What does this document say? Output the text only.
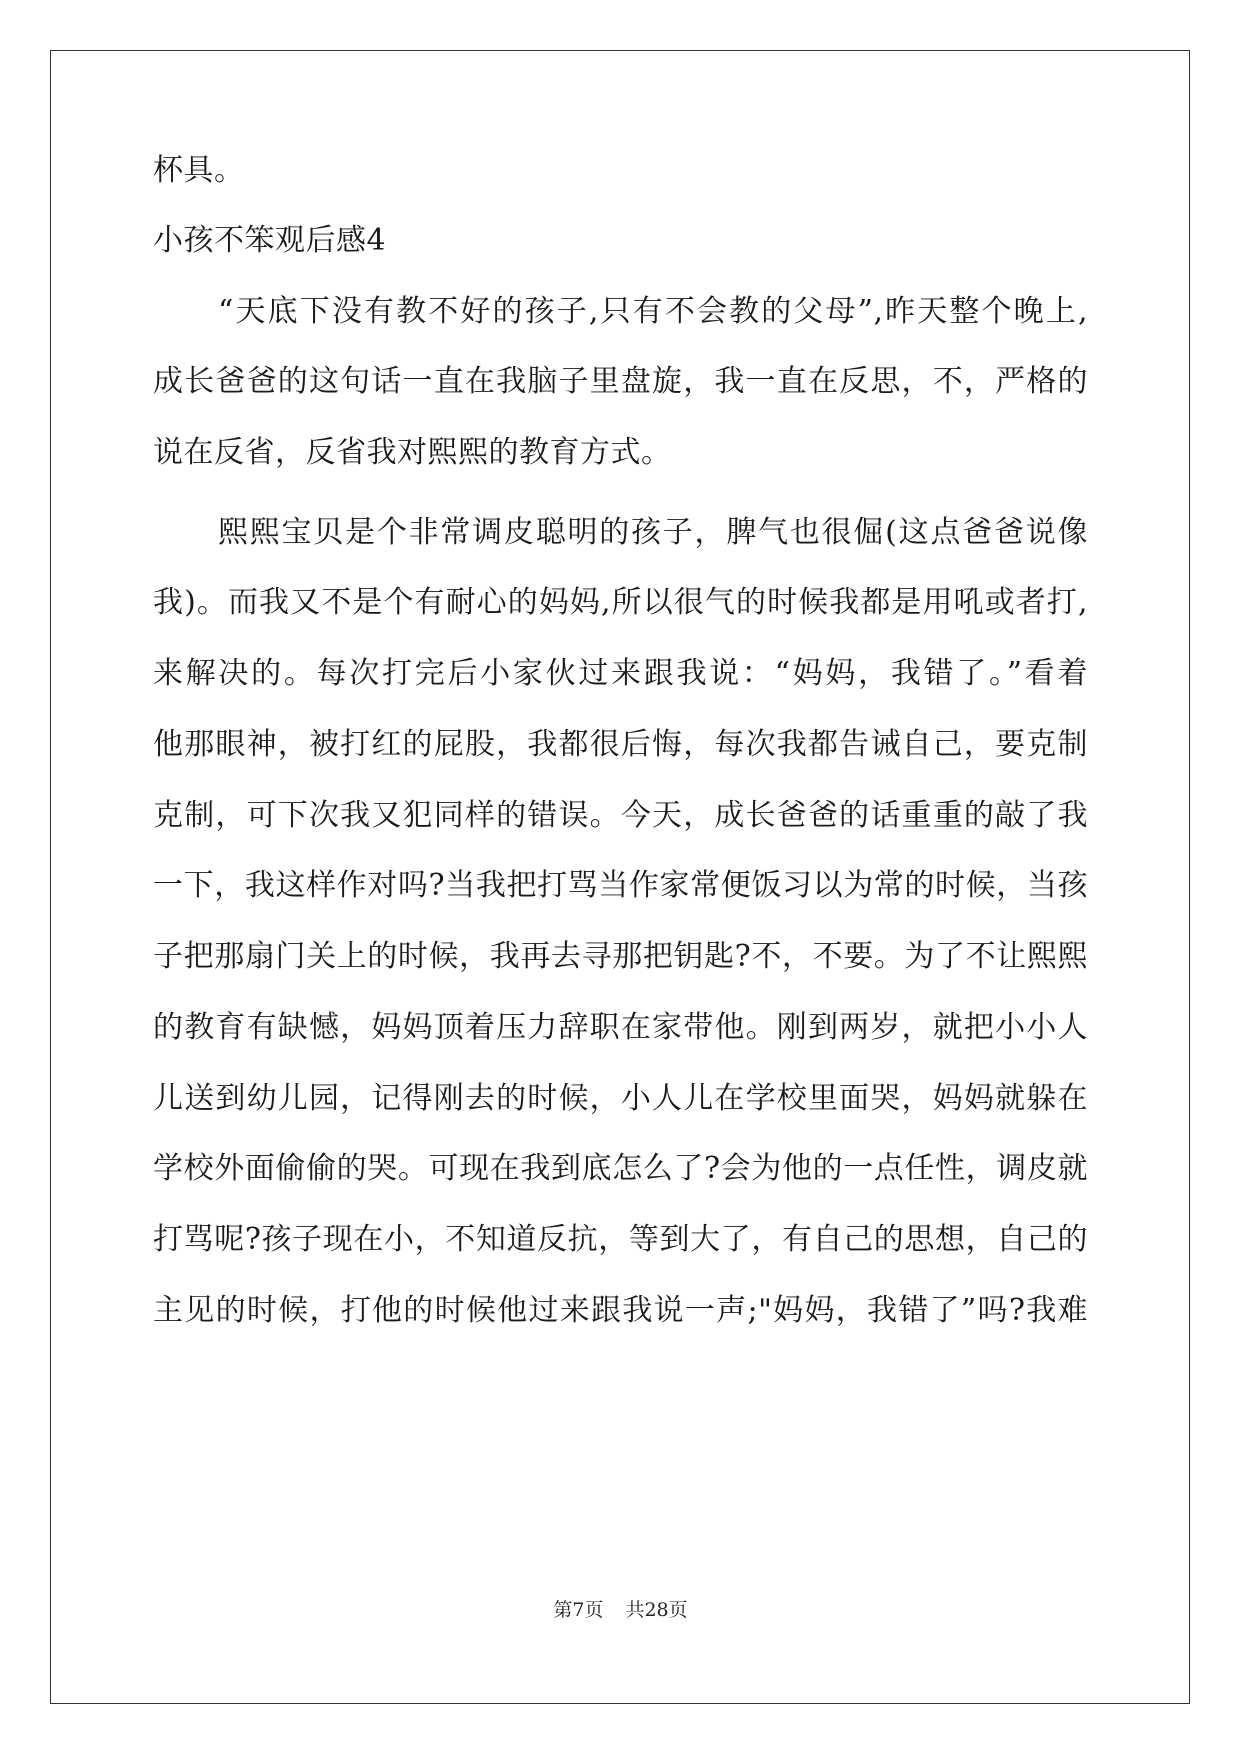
杯具。
小孩不笨观后感4
“天底下没有教不好的孩子,只有不会教的父母”,昨天整个晚上,
成长爸爸的这句话一直在我脑子里盘旋，我一直在反思，不，严格的
说在反省，反省我对熙熙的教育方式。
熙熙宝贝是个非常调皮聪明的孩子，脾气也很倔(这点爸爸说像
我)。而我又不是个有耐心的妈妈,所以很气的时候我都是用吼或者打,
来解决的。每次打完后小家伙过来跟我说：“妈妈，我错了。”看着
他那眼神，被打红的屁股，我都很后悔，每次我都告诫自己，要克制
克制，可下次我又犯同样的错误。今天，成长爸爸的话重重的敲了我
一下，我这样作对吗?当我把打骂当作家常便饭习以为常的时候，当孩
子把那扇门关上的时候，我再去寻那把钥匙?不，不要。为了不让熙熙
的教育有缺憾，妈妈顶着压力辞职在家带他。刚到两岁，就把小小人
儿送到幼儿园，记得刚去的时候，小人儿在学校里面哭，妈妈就躲在
学校外面偷偷的哭。可现在我到底怎么了?会为他的一点任性，调皮就
打骂呢?孩子现在小，不知道反抗，等到大了，有自己的思想，自己的
主见的时候，打他的时候他过来跟我说一声;"妈妈，我错了”吗?我难
第7页 共28页
